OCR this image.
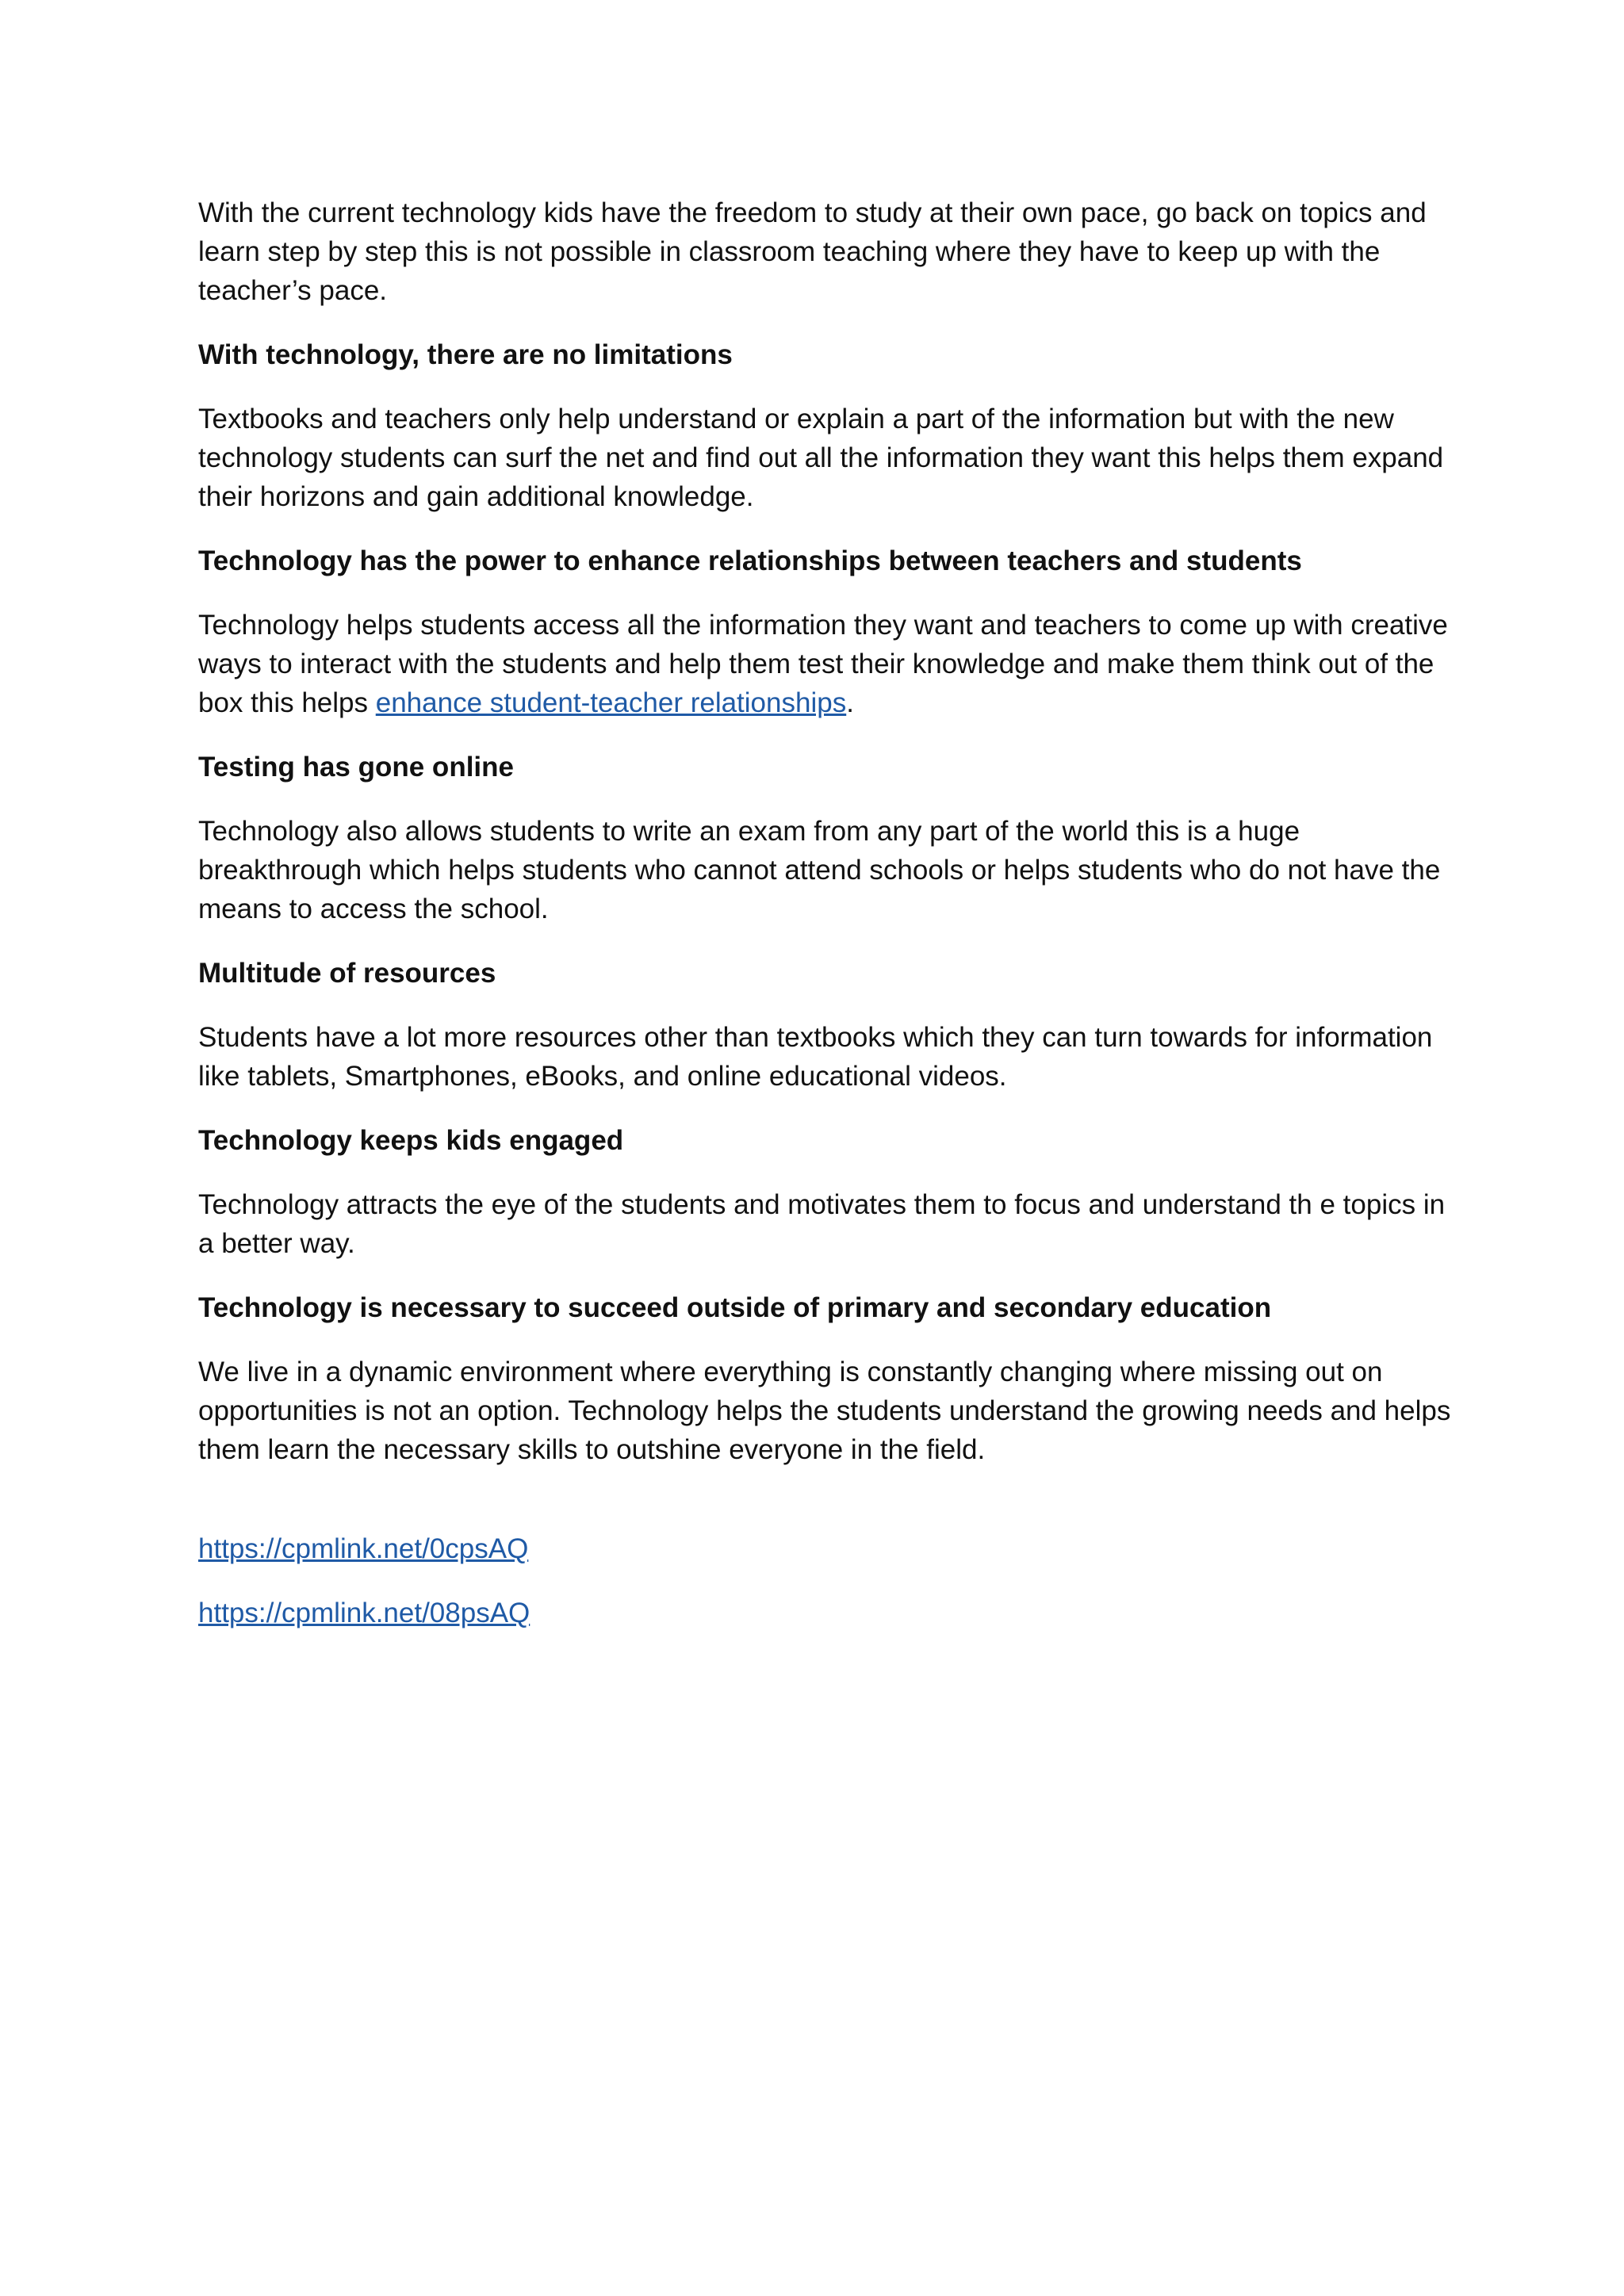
With the current technology kids have the freedom to study at their own pace, go back on topics and learn step by step this is not possible in classroom teaching where they have to keep up with the teacher’s pace.

With technology, there are no limitations

Textbooks and teachers only help understand or explain a part of the information but with the new technology students can surf the net and find out all the information they want this helps them expand their horizons and gain additional knowledge.

Technology has the power to enhance relationships between teachers and students

Technology helps students access all the information they want and teachers to come up with creative ways to interact with the students and help them test their knowledge and make them think out of the box this helps enhance student-teacher relationships.

Testing has gone online

Technology also allows students to write an exam from any part of the world this is a huge breakthrough which helps students who cannot attend schools or helps students who do not have the means to access the school.

Multitude of resources

Students have a lot more resources other than textbooks which they can turn towards for information like tablets, Smartphones, eBooks, and online educational videos.

Technology keeps kids engaged

Technology attracts the eye of the students and motivates them to focus and understand th e topics in a better way.

Technology is necessary to succeed outside of primary and secondary education

We live in a dynamic environment where everything is constantly changing where missing out on opportunities is not an option. Technology helps the students understand the growing needs and helps them learn the necessary skills to outshine everyone in the field.

https://cpmlink.net/0cpsAQ

https://cpmlink.net/08psAQ
